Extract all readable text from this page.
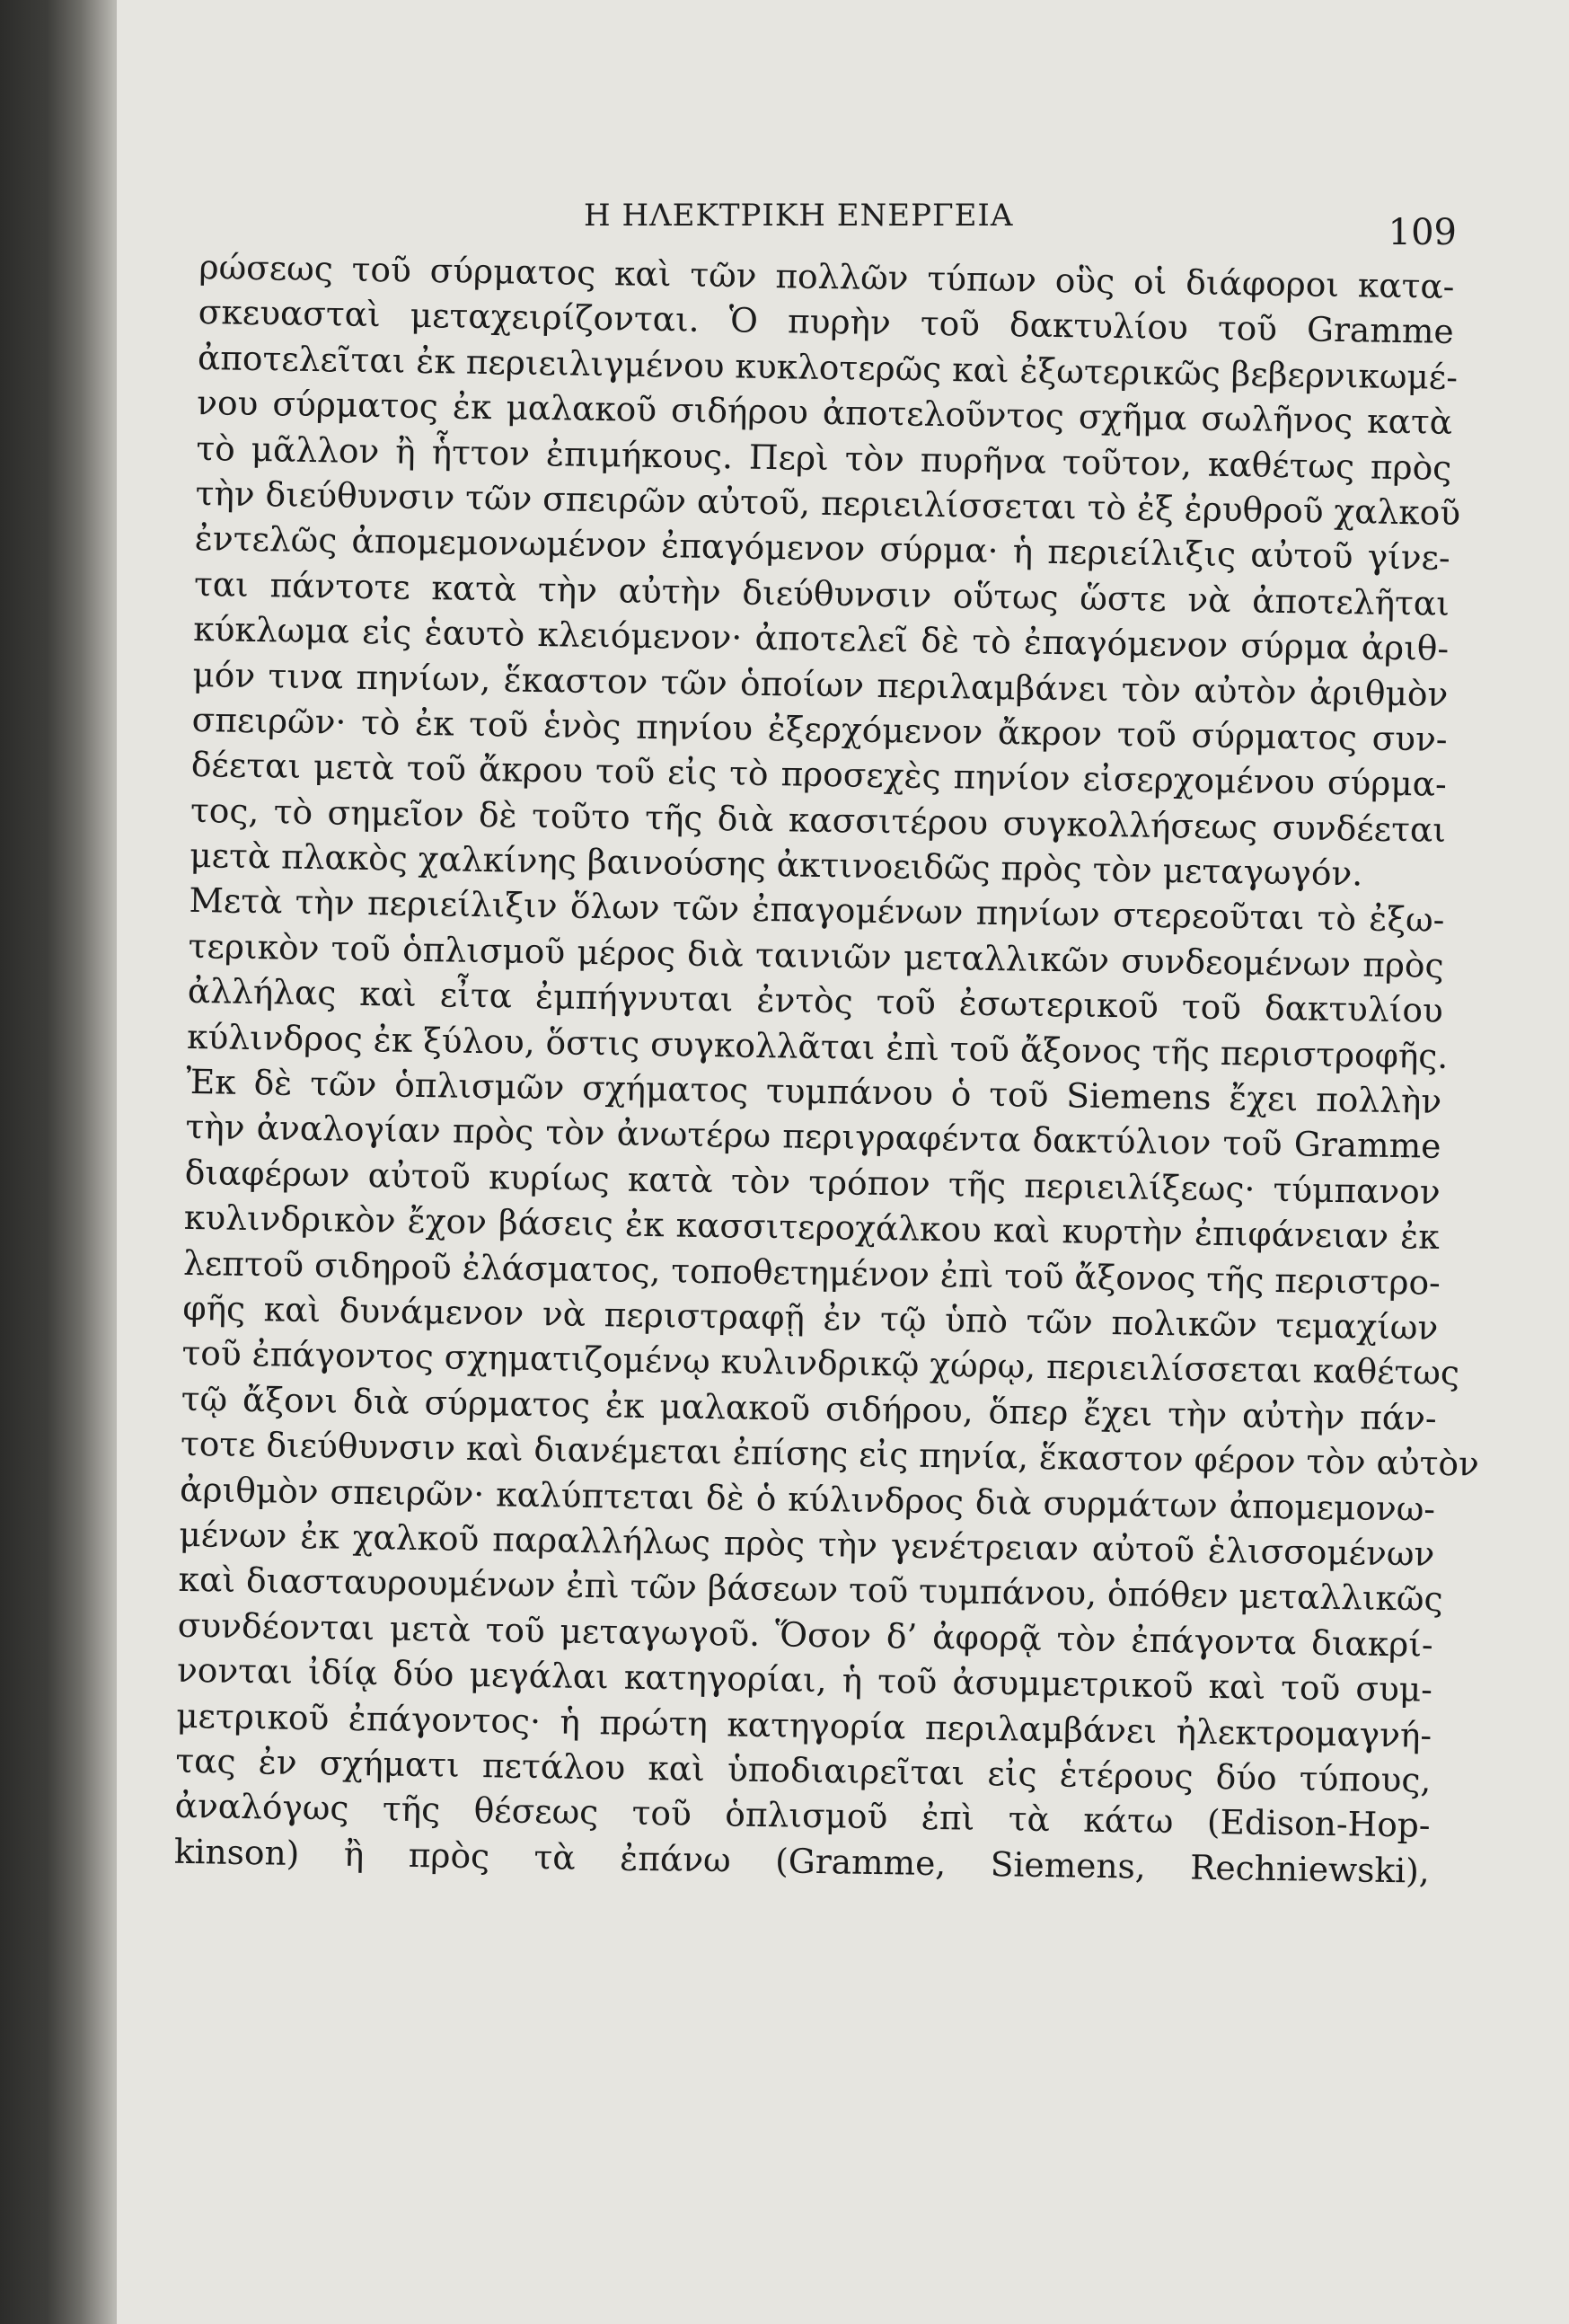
Η ΗΛΕΚΤΡΙΚΗ ΕΝΕΡΓΕΙΑ	109
ρώσεως τοῦ σύρματος καὶ τῶν πολλῶν τύπων οὓς οἱ διάφοροι κατα-
σκευασταὶ μεταχειρίζονται. Ὁ πυρὴν τοῦ δακτυλίου τοῦ Gramme
ἀποτελεῖται ἐκ περιειλιγμένου κυκλοτερῶς καὶ ἐξωτερικῶς βεβερνικωμέ-
νου σύρματος ἐκ μαλακοῦ σιδήρου ἀποτελοῦντος σχῆμα σωλῆνος κατὰ
τὸ μᾶλλον ἢ ἧττον ἐπιμήκους. Περὶ τὸν πυρῆνα τοῦτον, καθέτως πρὸς
τὴν διεύθυνσιν τῶν σπειρῶν αὐτοῦ, περιειλίσσεται τὸ ἐξ ἐρυθροῦ χαλκοῦ
ἐντελῶς ἀπομεμονωμένον ἐπαγόμενον σύρμα· ἡ περιείλιξις αὐτοῦ γίνε-
ται πάντοτε κατὰ τὴν αὐτὴν διεύθυνσιν οὕτως ὥστε νὰ ἀποτελῆται
κύκλωμα εἰς ἑαυτὸ κλειόμενον· ἀποτελεῖ δὲ τὸ ἐπαγόμενον σύρμα ἀριθ-
μόν τινα πηνίων, ἕκαστον τῶν ὁποίων περιλαμβάνει τὸν αὐτὸν ἀριθμὸν
σπειρῶν· τὸ ἐκ τοῦ ἑνὸς πηνίου ἐξερχόμενον ἄκρον τοῦ σύρματος συν-
δέεται μετὰ τοῦ ἄκρου τοῦ εἰς τὸ προσεχὲς πηνίον εἰσερχομένου σύρμα-
τος, τὸ σημεῖον δὲ τοῦτο τῆς διὰ κασσιτέρου συγκολλήσεως συνδέεται
μετὰ πλακὸς χαλκίνης βαινούσης ἀκτινοειδῶς πρὸς τὸν μεταγωγόν.
Μετὰ τὴν περιείλιξιν ὅλων τῶν ἐπαγομένων πηνίων στερεοῦται τὸ ἐξω-
τερικὸν τοῦ ὁπλισμοῦ μέρος διὰ ταινιῶν μεταλλικῶν συνδεομένων πρὸς
ἀλλήλας καὶ εἶτα ἐμπήγνυται ἐντὸς τοῦ ἐσωτερικοῦ τοῦ δακτυλίου
κύλινδρος ἐκ ξύλου, ὅστις συγκολλᾶται ἐπὶ τοῦ ἄξονος τῆς περιστροφῆς.
Ἐκ δὲ τῶν ὁπλισμῶν σχήματος τυμπάνου ὁ τοῦ Siemens ἔχει πολλὴν
τὴν ἀναλογίαν πρὸς τὸν ἀνωτέρω περιγραφέντα δακτύλιον τοῦ Gramme
διαφέρων αὐτοῦ κυρίως κατὰ τὸν τρόπον τῆς περιειλίξεως· τύμπανον
κυλινδρικὸν ἔχον βάσεις ἐκ κασσιτεροχάλκου καὶ κυρτὴν ἐπιφάνειαν ἐκ
λεπτοῦ σιδηροῦ ἐλάσματος, τοποθετημένον ἐπὶ τοῦ ἄξονος τῆς περιστρο-
φῆς καὶ δυνάμενον νὰ περιστραφῇ ἐν τῷ ὑπὸ τῶν πολικῶν τεμαχίων
τοῦ ἐπάγοντος σχηματιζομένῳ κυλινδρικῷ χώρῳ, περιειλίσσεται καθέτως
τῷ ἄξονι διὰ σύρματος ἐκ μαλακοῦ σιδήρου, ὅπερ ἔχει τὴν αὐτὴν πάν-
τοτε διεύθυνσιν καὶ διανέμεται ἐπίσης εἰς πηνία, ἕκαστον φέρον τὸν αὐτὸν
ἀριθμὸν σπειρῶν· καλύπτεται δὲ ὁ κύλινδρος διὰ συρμάτων ἀπομεμονω-
μένων ἐκ χαλκοῦ παραλλήλως πρὸς τὴν γενέτρειαν αὐτοῦ ἑλισσομένων
καὶ διασταυρουμένων ἐπὶ τῶν βάσεων τοῦ τυμπάνου, ὁπόθεν μεταλλικῶς
συνδέονται μετὰ τοῦ μεταγωγοῦ. Ὅσον δ’ ἀφορᾷ τὸν ἐπάγοντα διακρί-
νονται ἰδίᾳ δύο μεγάλαι κατηγορίαι, ἡ τοῦ ἀσυμμετρικοῦ καὶ τοῦ συμ-
μετρικοῦ ἐπάγοντος· ἡ πρώτη κατηγορία περιλαμβάνει ἠλεκτρομαγνή-
τας ἐν σχήματι πετάλου καὶ ὑποδιαιρεῖται εἰς ἑτέρους δύο τύπους,
ἀναλόγως τῆς θέσεως τοῦ ὁπλισμοῦ ἐπὶ τὰ κάτω (Edison-Hop-
kinson) ἢ πρὸς τὰ ἐπάνω (Gramme, Siemens, Rechniewski),
